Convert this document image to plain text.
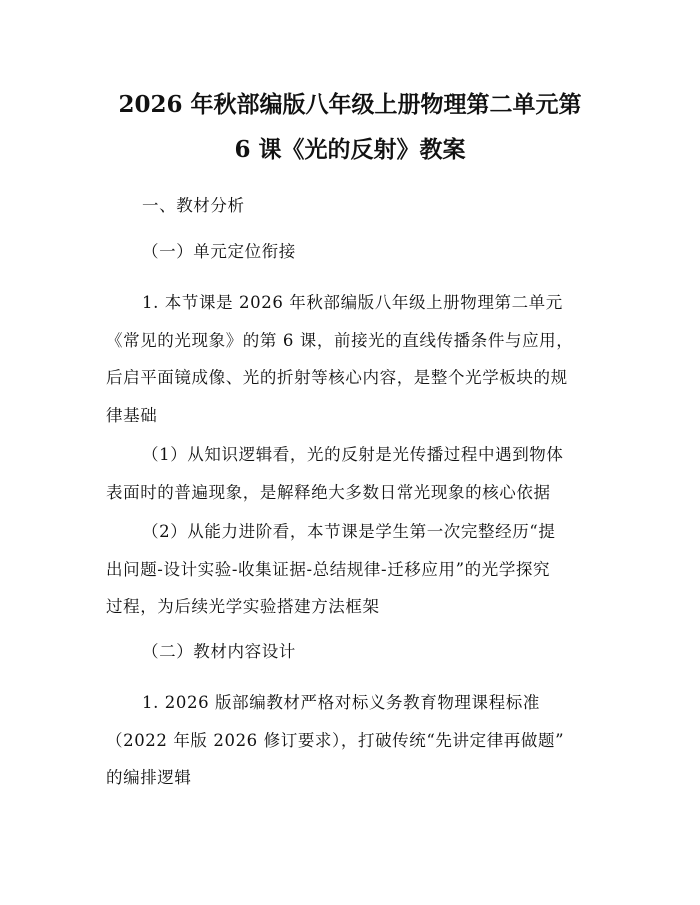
2026 年秋部编版八年级上册物理第二单元第
6 课《光的反射》教案
一、教材分析
（一）单元定位衔接
1. 本节课是 2026 年秋部编版八年级上册物理第二单元
《常见的光现象》的第 6 课，前接光的直线传播条件与应用，
后启平面镜成像、光的折射等核心内容，是整个光学板块的规
律基础
（1）从知识逻辑看，光的反射是光传播过程中遇到物体
表面时的普遍现象，是解释绝大多数日常光现象的核心依据
（2）从能力进阶看，本节课是学生第一次完整经历“提
出问题-设计实验-收集证据-总结规律-迁移应用”的光学探究
过程，为后续光学实验搭建方法框架
（二）教材内容设计
1. 2026 版部编教材严格对标义务教育物理课程标准
（2022 年版 2026 修订要求），打破传统“先讲定律再做题”
的编排逻辑
